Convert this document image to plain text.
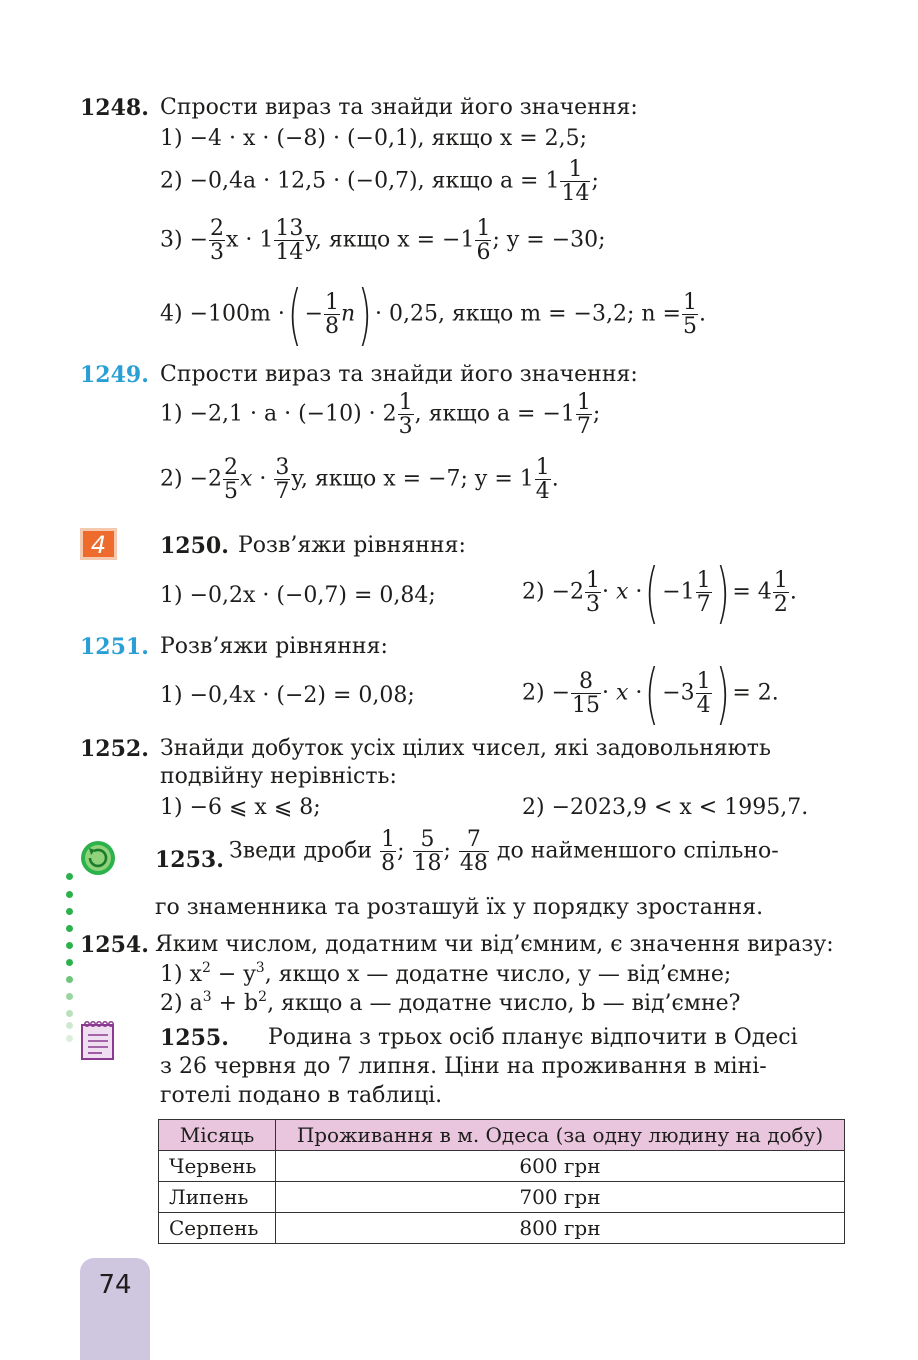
1248. Спрости вираз та знайди його значення:
1) −4 · x · (−8) · (−0,1), якщо x = 2,5;
2) −0,4a · 12,5 · (−0,7), якщо $a = 1 \frac{1}{14}$ ;
$3) - \frac{2}{3}$ $x \cdot 1 \frac{13}{14} y$, якщо $x = -1 \frac{1}{6}$ ; y = −30;
4) −100m ·( − $\frac{1}{8} n) \cdot 0,25$, якщо m = −3,2; $n = \frac{1}{5}$ .
1249. Спрости вираз та знайди його значення:
$1) -2,1 \cdot a \cdot (-10) \cdot 2 \frac{1}{3}$ , якщо $a = -1 \frac{1}{7}$ ;
$2) -2 \frac{2}{5}$ $x \cdot \frac{3}{7} y$, якщо x = −7; $y = 1 \frac{1}{4}$ .
4 1250. Розв’яжи рівняння:
1) −0,2x · (−0,7) = 0,84;	$2) -2 \frac{1}{3} \cdot x$ ·( $-1 \frac{1}{7}$ ) = $4 \frac{1}{2}$ .
1251. Розв’яжи рівняння:
1) −0,4x · (−2) = 0,08;	$2) - \frac{8}{15} \cdot x$ ·( $-3 \frac{1}{4}$ ) = 2.
1252. Знайди добуток усіх цілих чисел, які задовольняють
подвійну нерівність:
1) −6 ⩽ x ⩽ 8;	2) −2023,9 < x < 1995,7.
1253. Зведи дроби $\frac{1}{8}$ ; $\frac{5}{18}$ ; $\frac{7}{48}$ до найменшого спільно-
го знаменника та розташуй їх у порядку зростання.
1254. Яким числом, додатним чи від’ємним, є значення виразу:
1) $x^2 - y^3$, якщо x — додатне число, y — від’ємне;
2) $a^3 + b^2$, якщо a — додатне число, b — від’ємне?
1255. Родина з трьох осіб планує відпочити в Одесі
з 26 червня до 7 липня. Ціни на проживання в міні-
готелі подано в таблиці.
Місяць	Проживання в м. Одеса (за одну людину на добу)
Червень	600 грн
Липень	700 грн
Серпень	800 грн
74
